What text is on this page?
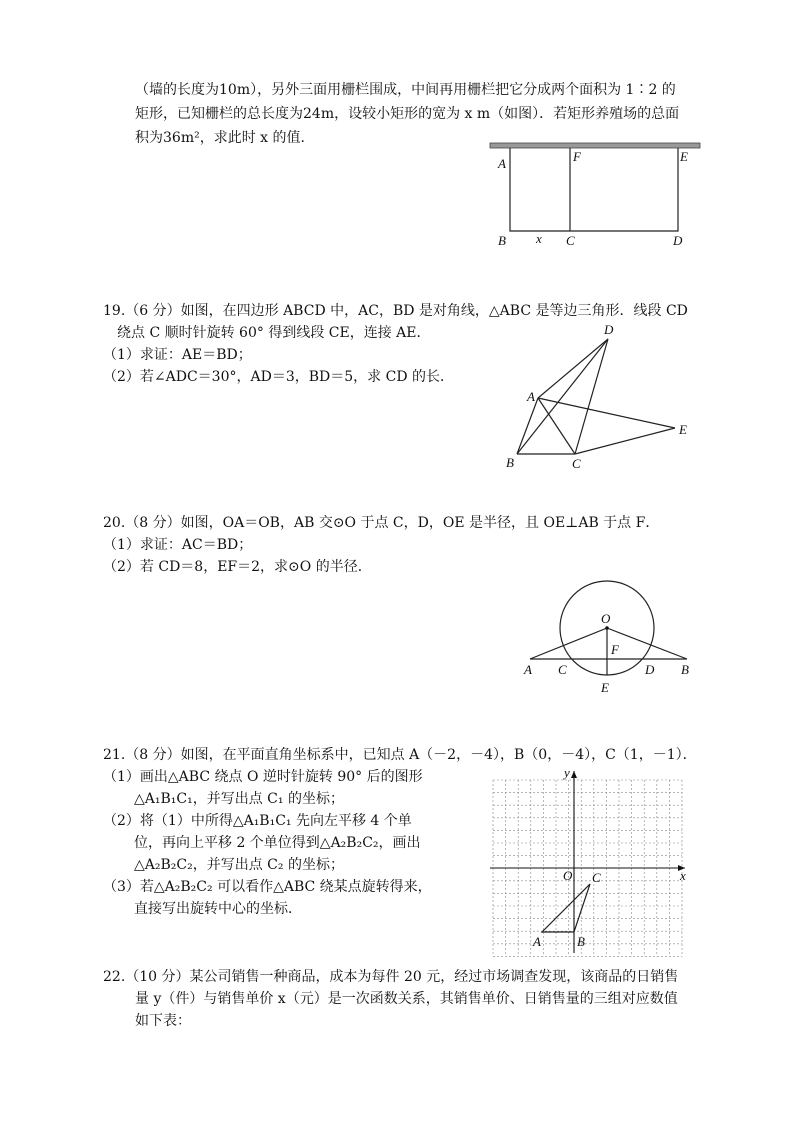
（墙的长度为10m），另外三面用栅栏围成，中间再用栅栏把它分成两个面积为 1∶2 的
矩形，已知栅栏的总长度为24m，设较小矩形的宽为 x m（如图）．若矩形养殖场的总面
积为36m²，求此时 x 的值．
A	F	E
B x C	D
19.（6 分）如图，在四边形 ABCD 中，AC，BD 是对角线，△ABC 是等边三角形．线段 CD
绕点 C 顺时针旋转 60° 得到线段 CE，连接 AE．
（1）求证：AE＝BD；
（2）若∠ADC＝30°，AD＝3，BD＝5，求 CD 的长．
D
A
E
B	C
20.（8 分）如图，OA＝OB，AB 交⊙O 于点 C，D，OE 是半径，且 OE⊥AB 于点 F．
（1）求证：AC＝BD；
（2）若 CD＝8，EF＝2，求⊙O 的半径．
O
F
A C	D B
E
21.（8 分）如图，在平面直角坐标系中，已知点 A（－2，－4），B（0，－4），C（1，－1）．
（1）画出△ABC 绕点 O 逆时针旋转 90° 后的图形
△A₁B₁C₁，并写出点 C₁ 的坐标；
（2）将（1）中所得△A₁B₁C₁ 先向左平移 4 个单
位，再向上平移 2 个单位得到△A₂B₂C₂，画出
△A₂B₂C₂，并写出点 C₂ 的坐标；
（3）若△A₂B₂C₂ 可以看作△ABC 绕某点旋转得来，
直接写出旋转中心的坐标．
y
x
O C
A	B
22.（10 分）某公司销售一种商品，成本为每件 20 元，经过市场调查发现，该商品的日销售
量 y（件）与销售单价 x（元）是一次函数关系，其销售单价、日销售量的三组对应数值
如下表：
